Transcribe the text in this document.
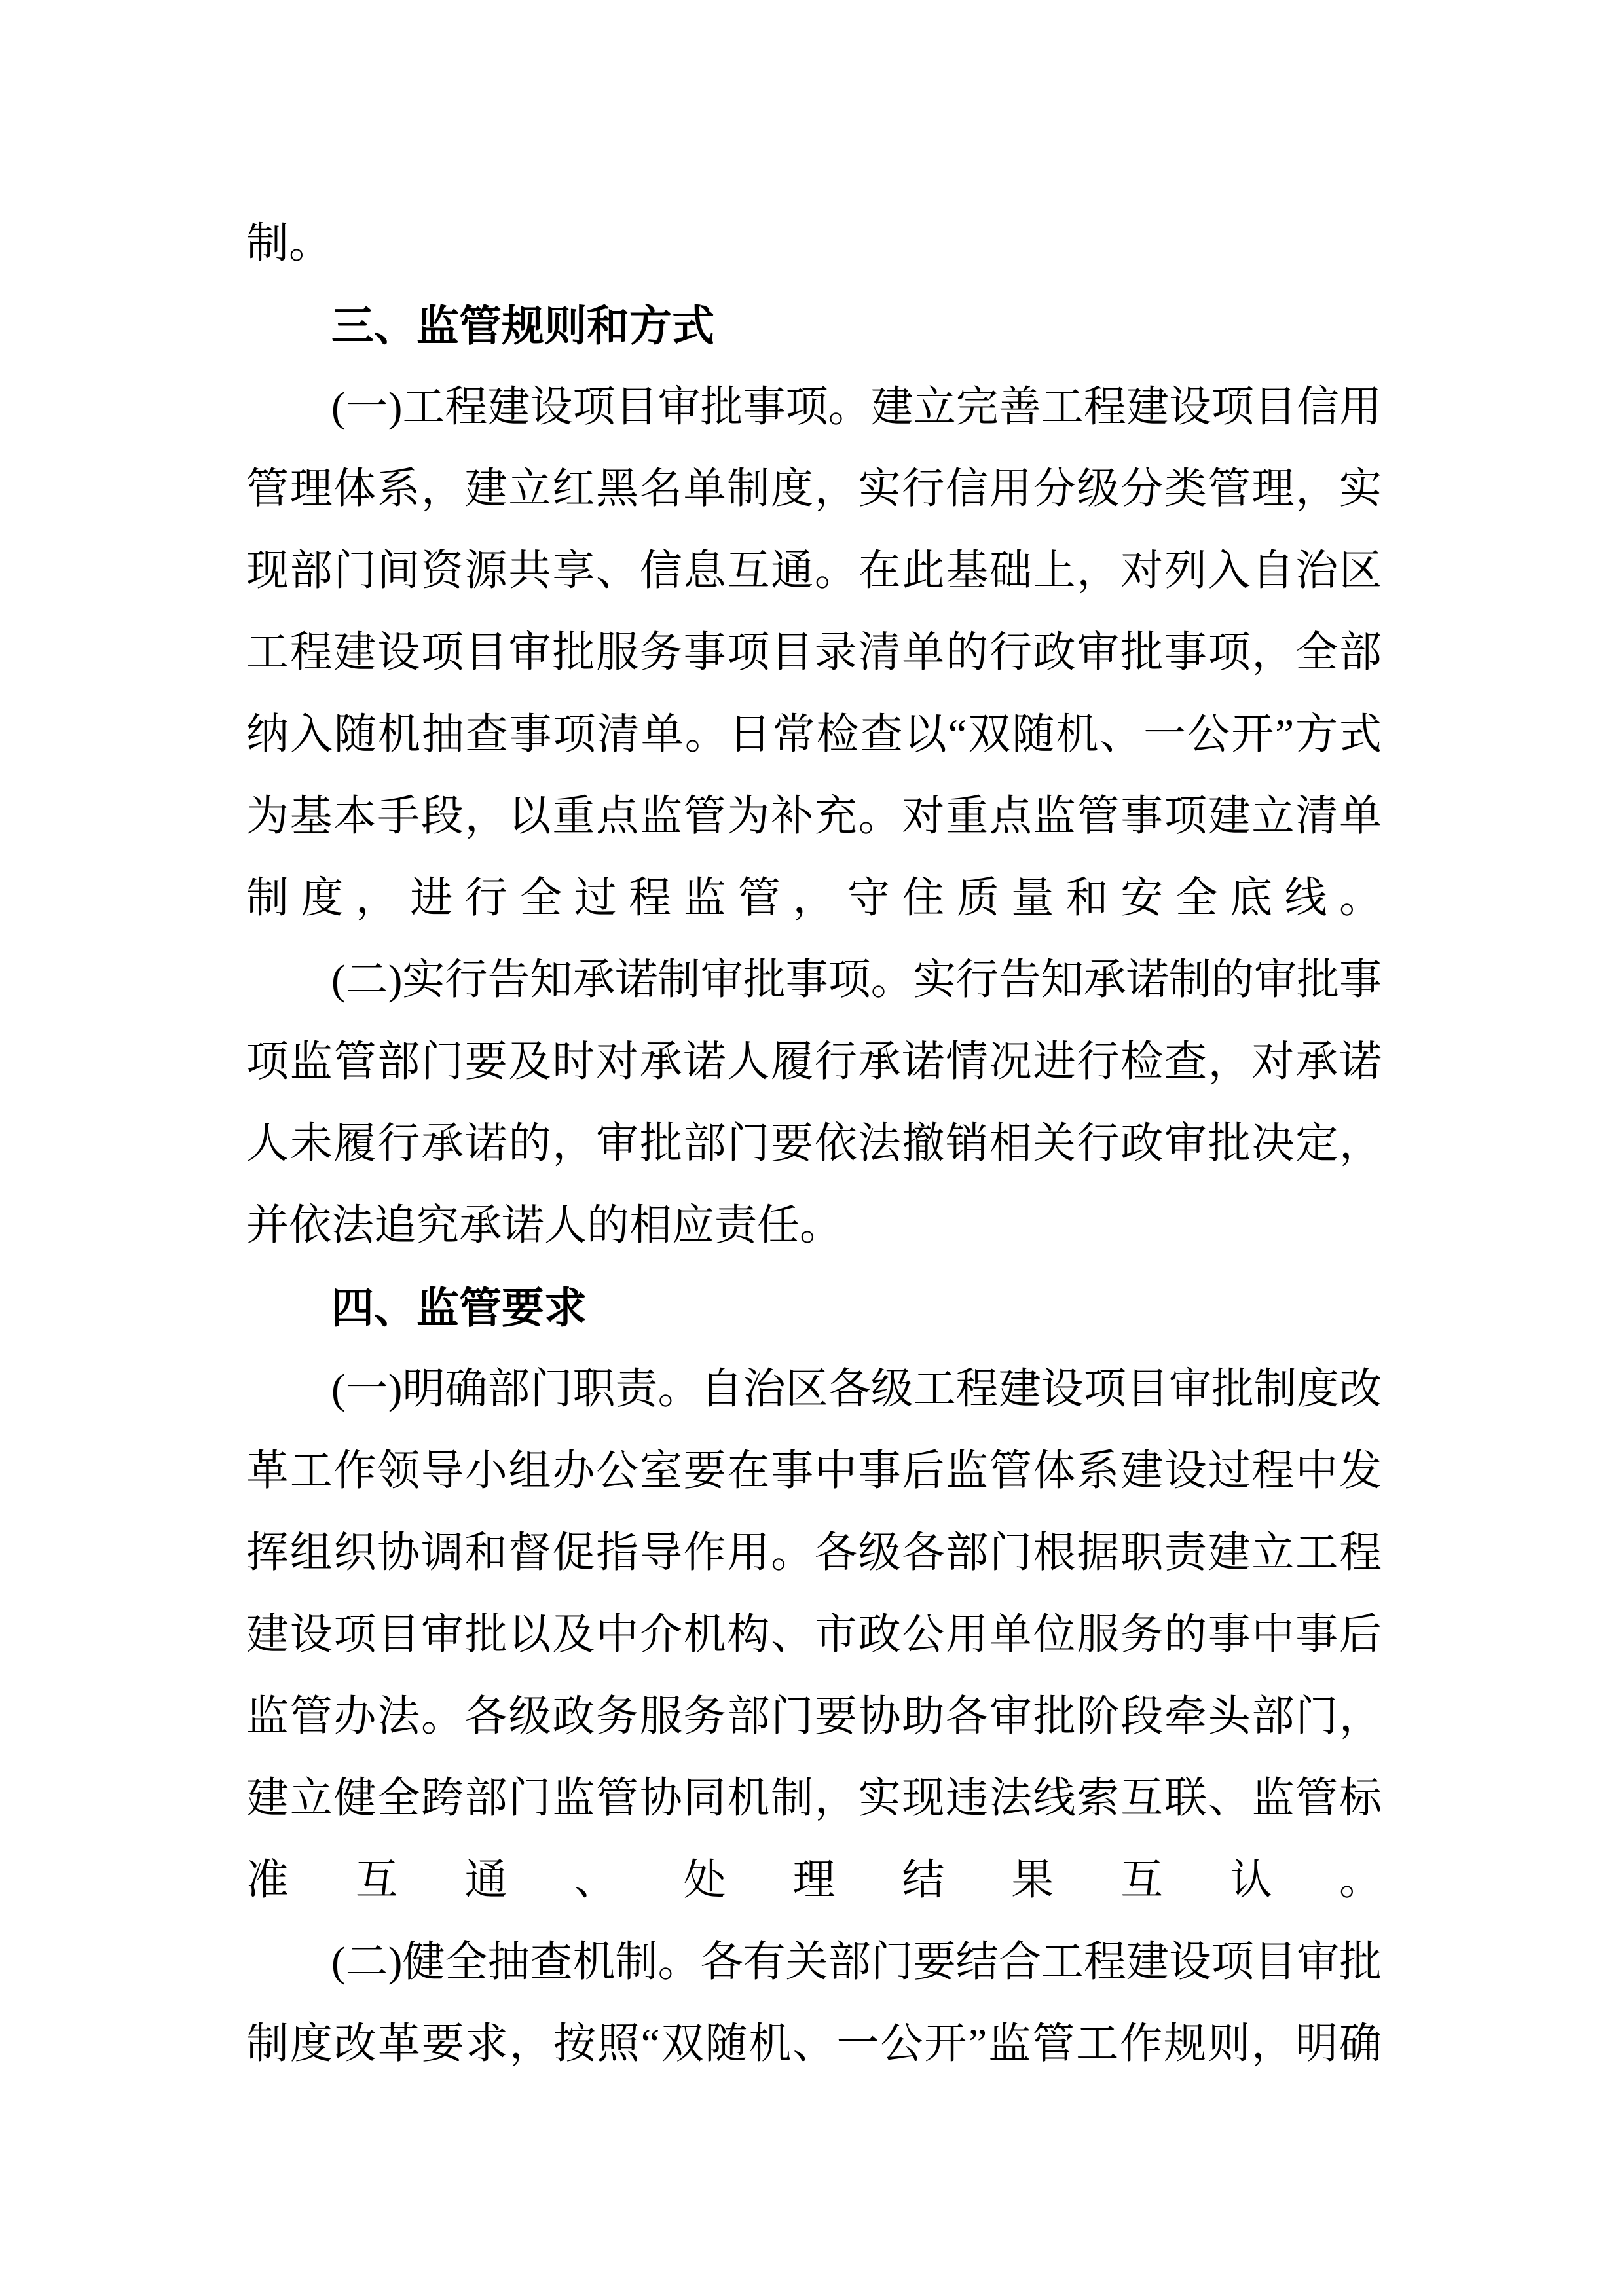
制。

三、监管规则和方式

(一)工程建设项目审批事项。建立完善工程建设项目信用管理体系，建立红黑名单制度，实行信用分级分类管理，实现部门间资源共享、信息互通。在此基础上，对列入自治区工程建设项目审批服务事项目录清单的行政审批事项，全部纳入随机抽查事项清单。日常检查以“双随机、一公开”方式为基本手段，以重点监管为补充。对重点监管事项建立清单制度，进行全过程监管，守住质量和安全底线。

(二)实行告知承诺制审批事项。实行告知承诺制的审批事项监管部门要及时对承诺人履行承诺情况进行检查，对承诺人未履行承诺的，审批部门要依法撤销相关行政审批决定，并依法追究承诺人的相应责任。

四、监管要求

(一)明确部门职责。自治区各级工程建设项目审批制度改革工作领导小组办公室要在事中事后监管体系建设过程中发挥组织协调和督促指导作用。各级各部门根据职责建立工程建设项目审批以及中介机构、市政公用单位服务的事中事后监管办法。各级政务服务部门要协助各审批阶段牵头部门，建立健全跨部门监管协同机制，实现违法线索互联、监管标准互通、处理结果互认。

(二)健全抽查机制。各有关部门要结合工程建设项目审批制度改革要求，按照“双随机、一公开”监管工作规则，明确
